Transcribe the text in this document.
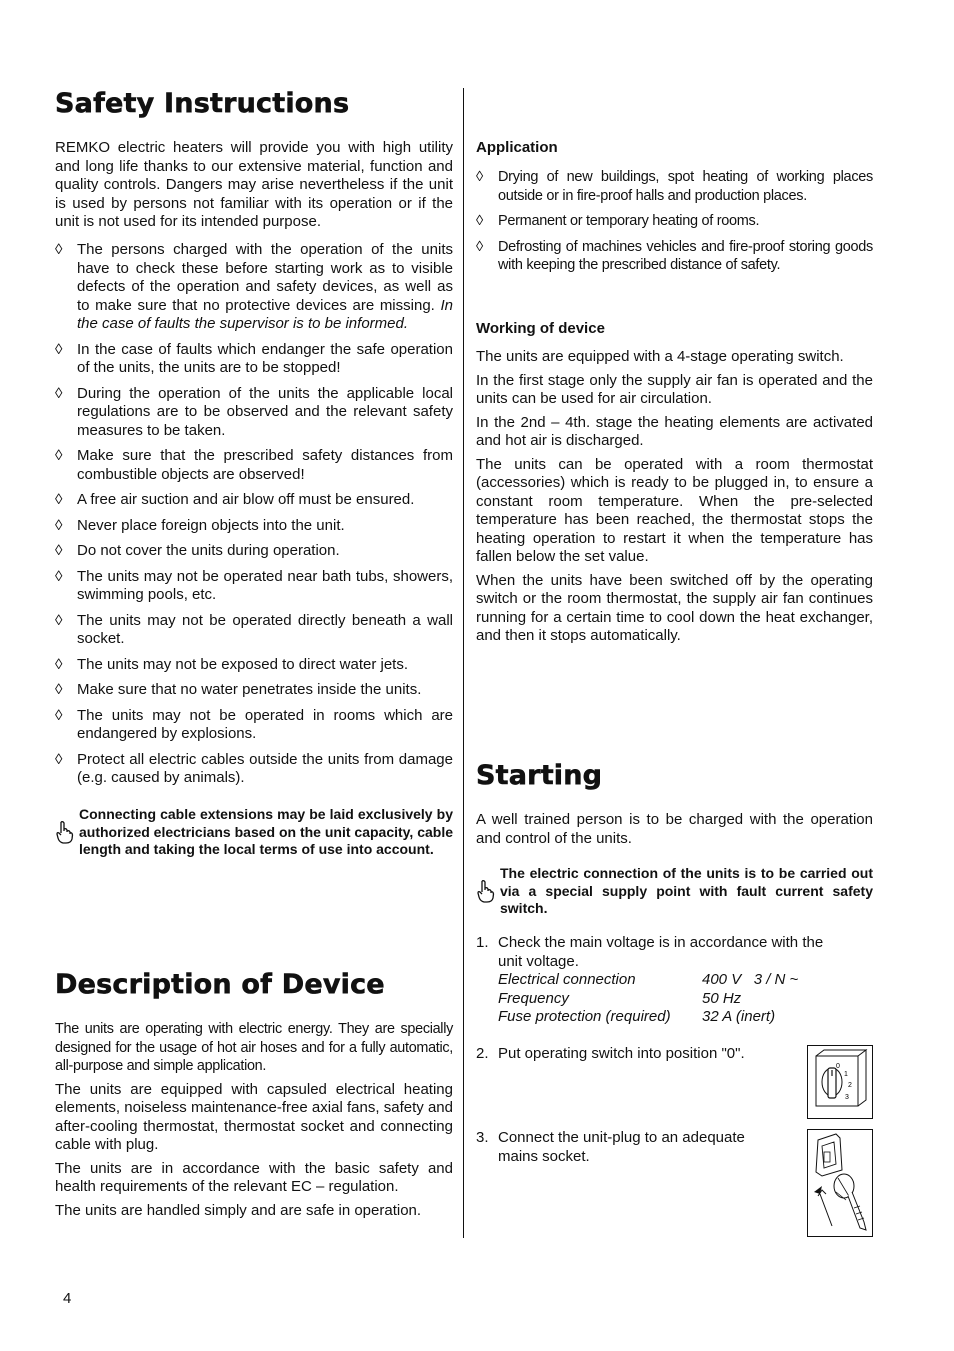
Safety Instructions

REMKO electric heaters will provide you with high utility and long life thanks to our extensive material, function and quality controls. Dangers may arise nevertheless if the unit is used by persons not familiar with its operation or if the unit is not used for its intended purpose.

◊ The persons charged with the operation of the units have to check these before starting work as to visible defects of the operation and safety devices, as well as to make sure that no protective devices are missing. In the case of faults the supervisor is to be informed.
◊ In the case of faults which endanger the safe operation of the units, the units are to be stopped!
◊ During the operation of the units the applicable local regulations are to be observed and the relevant safety measures to be taken.
◊ Make sure that the prescribed safety distances from combustible objects are observed!
◊ A free air suction and air blow off must be ensured.
◊ Never place foreign objects into the unit.
◊ Do not cover the units during operation.
◊ The units may not be operated near bath tubs, showers, swimming pools, etc.
◊ The units may not be operated directly beneath a wall socket.
◊ The units may not be exposed to direct water jets.
◊ Make sure that no water penetrates inside the units.
◊ The units may not be operated in rooms which are endangered by explosions.
◊ Protect all electric cables outside the units from damage (e.g. caused by animals).
Connecting cable extensions may be laid exclusively by authorized electricians based on the unit capacity, cable length and taking the local terms of use into account.
Description of Device

The units are operating with electric energy. They are specially designed for the usage of hot air hoses and for a fully automatic, all-purpose and simple application.

The units are equipped with capsuled electrical heating elements, noiseless maintenance-free axial fans, safety and after-cooling thermostat, thermostat socket and connecting cable with plug.

The units are in accordance with the basic safety and health requirements of the relevant EC – regulation.

The units are handled simply and are safe in operation.

Application
◊ Drying of new buildings, spot heating of working places outside or in fire-proof halls and production places.
◊ Permanent or temporary heating of rooms.
◊ Defrosting of machines vehicles and fire-proof storing goods with keeping the prescribed distance of safety.
Working of device

The units are equipped with a 4-stage operating switch.

In the first stage only the supply air fan is operated and the units can be used for air circulation.

In the 2nd – 4th. stage the heating elements are activated and hot air is discharged.

The units can be operated with a room thermostat (accessories) which is ready to be plugged in, to ensure a constant room temperature. When the pre-selected temperature has been reached, the thermostat stops the heating operation to restart it when the temperature has fallen below the set value.

When the units have been switched off by the operating switch or the room thermostat, the supply air fan continues running for a certain time to cool down the heat exchanger, and then it stops automatically.

Starting

A well trained person is to be charged with the operation and control of the units.

The electric connection of the units is to be carried out via a special supply point with fault current safety switch.
1. Check the main voltage is in accordance with the unit voltage.
Electrical connection	400 V   3 / N ~
Frequency	50 Hz
Fuse protection (required)	32 A (inert)
2. Put operating switch into position "0".
0
1
2
3
3. Connect the unit-plug to an adequate mains socket.
4
